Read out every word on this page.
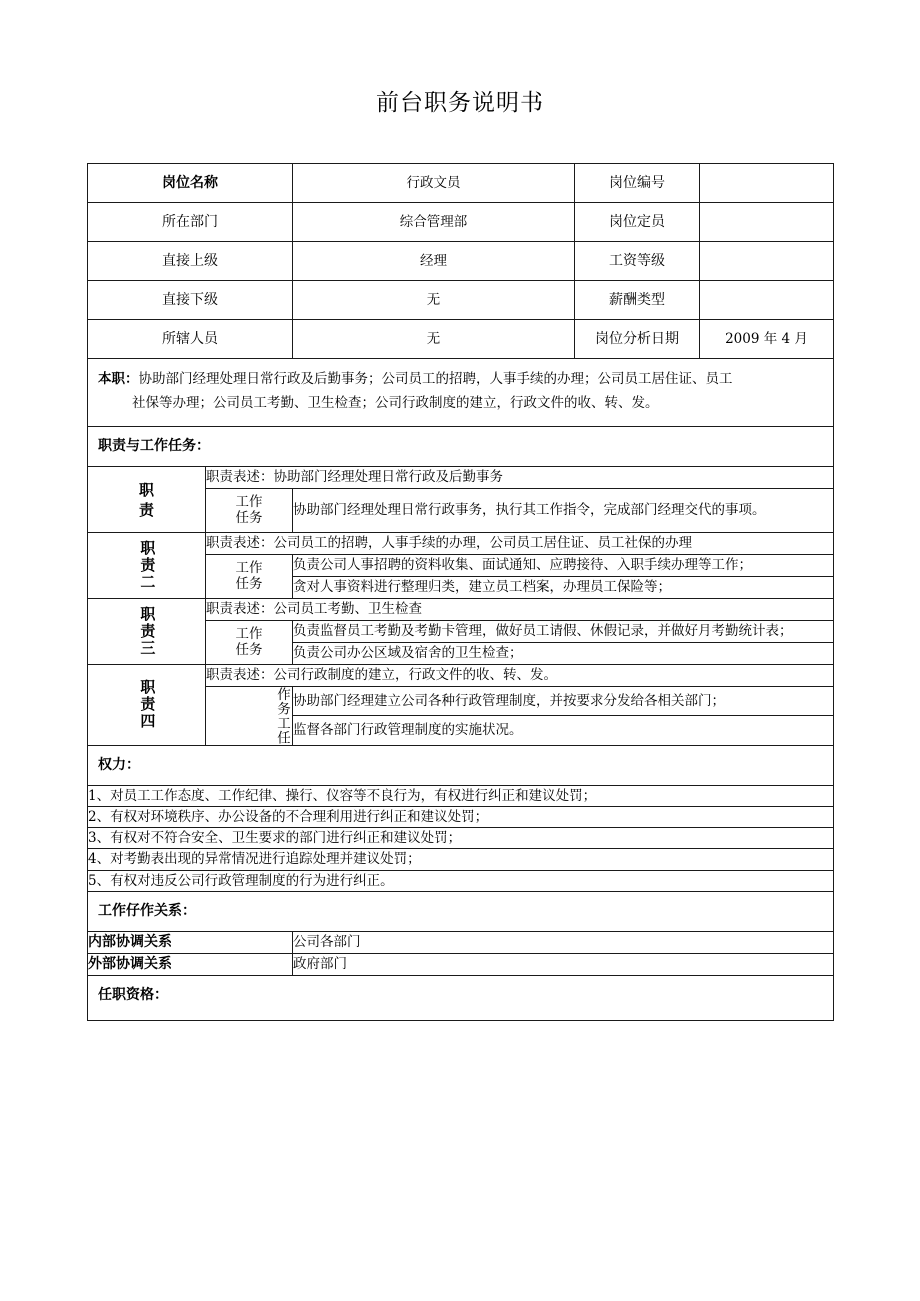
前台职务说明书
岗位名称		行政文员	岗位编号	
所在部门		综合管理部	岗位定员	
直接上级		经理	工资等级	
直接下级		无	薪酬类型	
所辖人员		无	岗位分析日期	2009 年 4 月
本职：协助部门经理处理日常行政及后勤事务；公司员工的招聘，人事手续的办理；公司员工居住证、员工
社保等办理；公司员工考勤、卫生检查；公司行政制度的建立，行政文件的收、转、发。				

职责与工作任务：				

职
责	职责表述：协助部门经理处理日常行政及后勤事务			

	工作
任务	协助部门经理处理日常行政事务，执行其工作指令，完成部门经理交代的事项。		

职责二	职责表述：公司员工的招聘，人事手续的办理，公司员工居住证、员工社保的办理			

	工作
任务	负责公司人事招聘的资料收集、面试通知、应聘接待、入职手续办理等工作；		
		贪对人事资料进行整理归类，建立员工档案，办理员工保险等；		

职责三	职责表述：公司员工考勤、卫生检查			

	工作
任务	负责监督员工考勤及考勤卡管理，做好员工请假、休假记录，并做好月考勤统计表；		
		负责公司办公区域及宿舍的卫生检查；		

职责四	职责表述：公司行政制度的建立，行政文件的收、转、发。			

	作务工任	协助部门经理建立公司各种行政管理制度，并按要求分发给各相关部门；		
		监督各部门行政管理制度的实施状况。		
权力：				
1、对员工工作态度、工作纪律、操行、仪容等不良行为，有权进行纠正和建议处罚；				
2、有权对环境秩序、办公设备的不合理利用进行纠正和建议处罚；				
3、有权对不符合安全、卫生要求的部门进行纠正和建议处罚；				
4、对考勤表出现的异常情况进行追踪处理并建议处罚；				
5、有权对违反公司行政管理制度的行为进行纠正。				
工作仔作关系：				
内部协调关系		公司各部门		
外部协调关系		政府部门		
任职资格：				
